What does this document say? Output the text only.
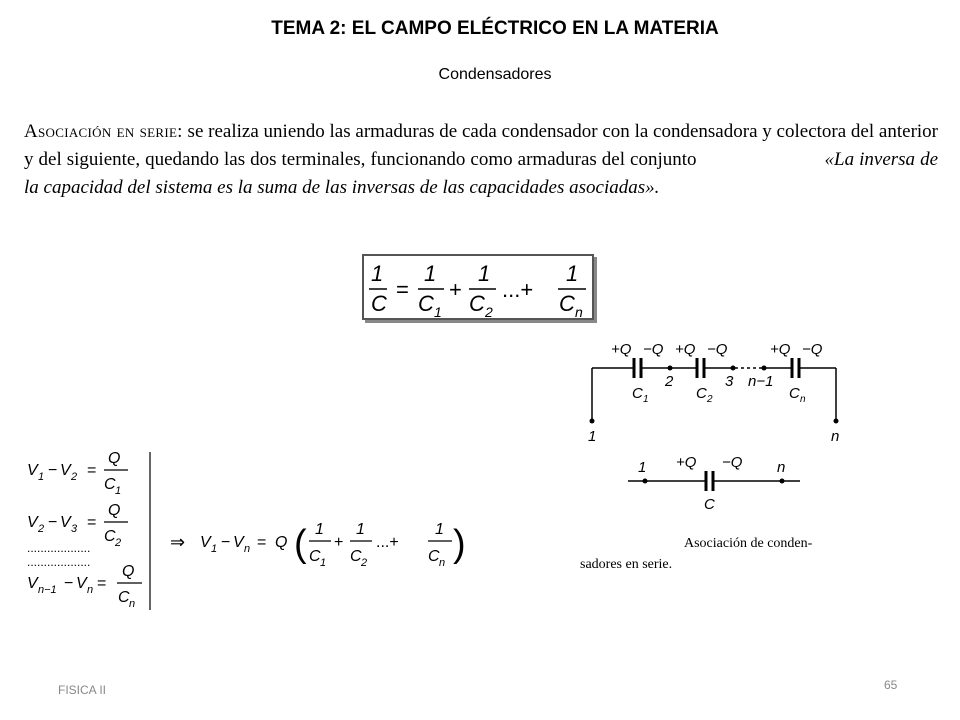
TEMA 2: EL CAMPO ELÉCTRICO EN LA MATERIA
Condensadores
Asociación en serie: se realiza uniendo las armaduras de cada condensador con la condensadora y colectora del anterior y del siguiente, quedando las dos terminales, funcionando como armaduras del conjunto	«La inversa de la capacidad del sistema es la suma de las inversas de las capacidades asociadas».
1
C
=
1
C 1
+
1
C 2
...+
1
C n
+Q −Q +Q −Q	+Q −Q
2	3 n−1
C 1	C 2	C n
1	n
1	n
+Q −Q
C
V 1 − V 2 =
Q
C 1
V 2 − V 3 =
Q
C 2
...................
...................
V n−1 − V n =
Q
C n
⇒ V 1 − V n = Q ( 1
C 1
+
1
C 2
...+
1
C n )	Asociación de conden-
sadores en serie.
FISICA II	65
